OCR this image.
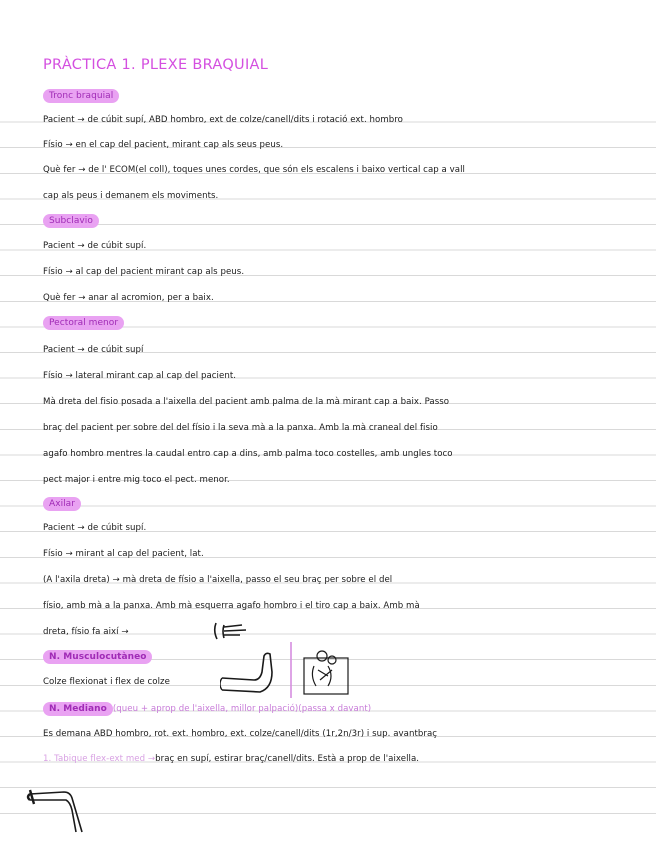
PRÀCTICA 1. PLEXE BRAQUIAL
Tronc braquial
Pacient → de cúbit supí, ABD hombro, ext de colze/canell/dits i rotació ext. hombro
Físio → en el cap del pacient, mirant cap als seus peus.
Què fer → de l' ECOM(el coll), toques unes cordes, que són els escalens i baixo vertical cap a vall
cap als peus i demanem els moviments.
Subclavio
Pacient → de cúbit supí.
Físio → al cap del pacient mirant cap als peus.
Què fer → anar al acromion, per a baix.
Pectoral menor
Pacient → de cúbit supí
Físio → lateral mirant cap al cap del pacient.
Mà dreta del fisio posada a l'aixella del pacient amb palma de la mà mirant cap a baix. Passo
braç del pacient per sobre del del físio i la seva mà a la panxa. Amb la mà craneal del fisio
agafo hombro mentres la caudal entro cap a dins, amb palma toco costelles, amb ungles toco
pect major i entre mig toco el pect. menor.
Axilar
Pacient → de cúbit supí.
Físio → mirant al cap del pacient, lat.
(A l'axila dreta) → mà dreta de físio a l'aixella, passo el seu braç per sobre el del
físio, amb mà a la panxa. Amb mà esquerra agafo hombro i el tiro cap a baix. Amb mà
dreta, físio fa així →
N. Musculocutàneo
Colze flexionat i flex de colze
N. Mediano (queu + aprop de l'aixella, millor palpació)(passa x davant)
Es demana ABD hombro, rot. ext. hombro, ext. colze/canell/dits (1r,2n/3r) i sup. avantbraç
1. Tabique flex-ext med →braç en supí, estirar braç/canell/dits. Està a prop de l'aixella.
